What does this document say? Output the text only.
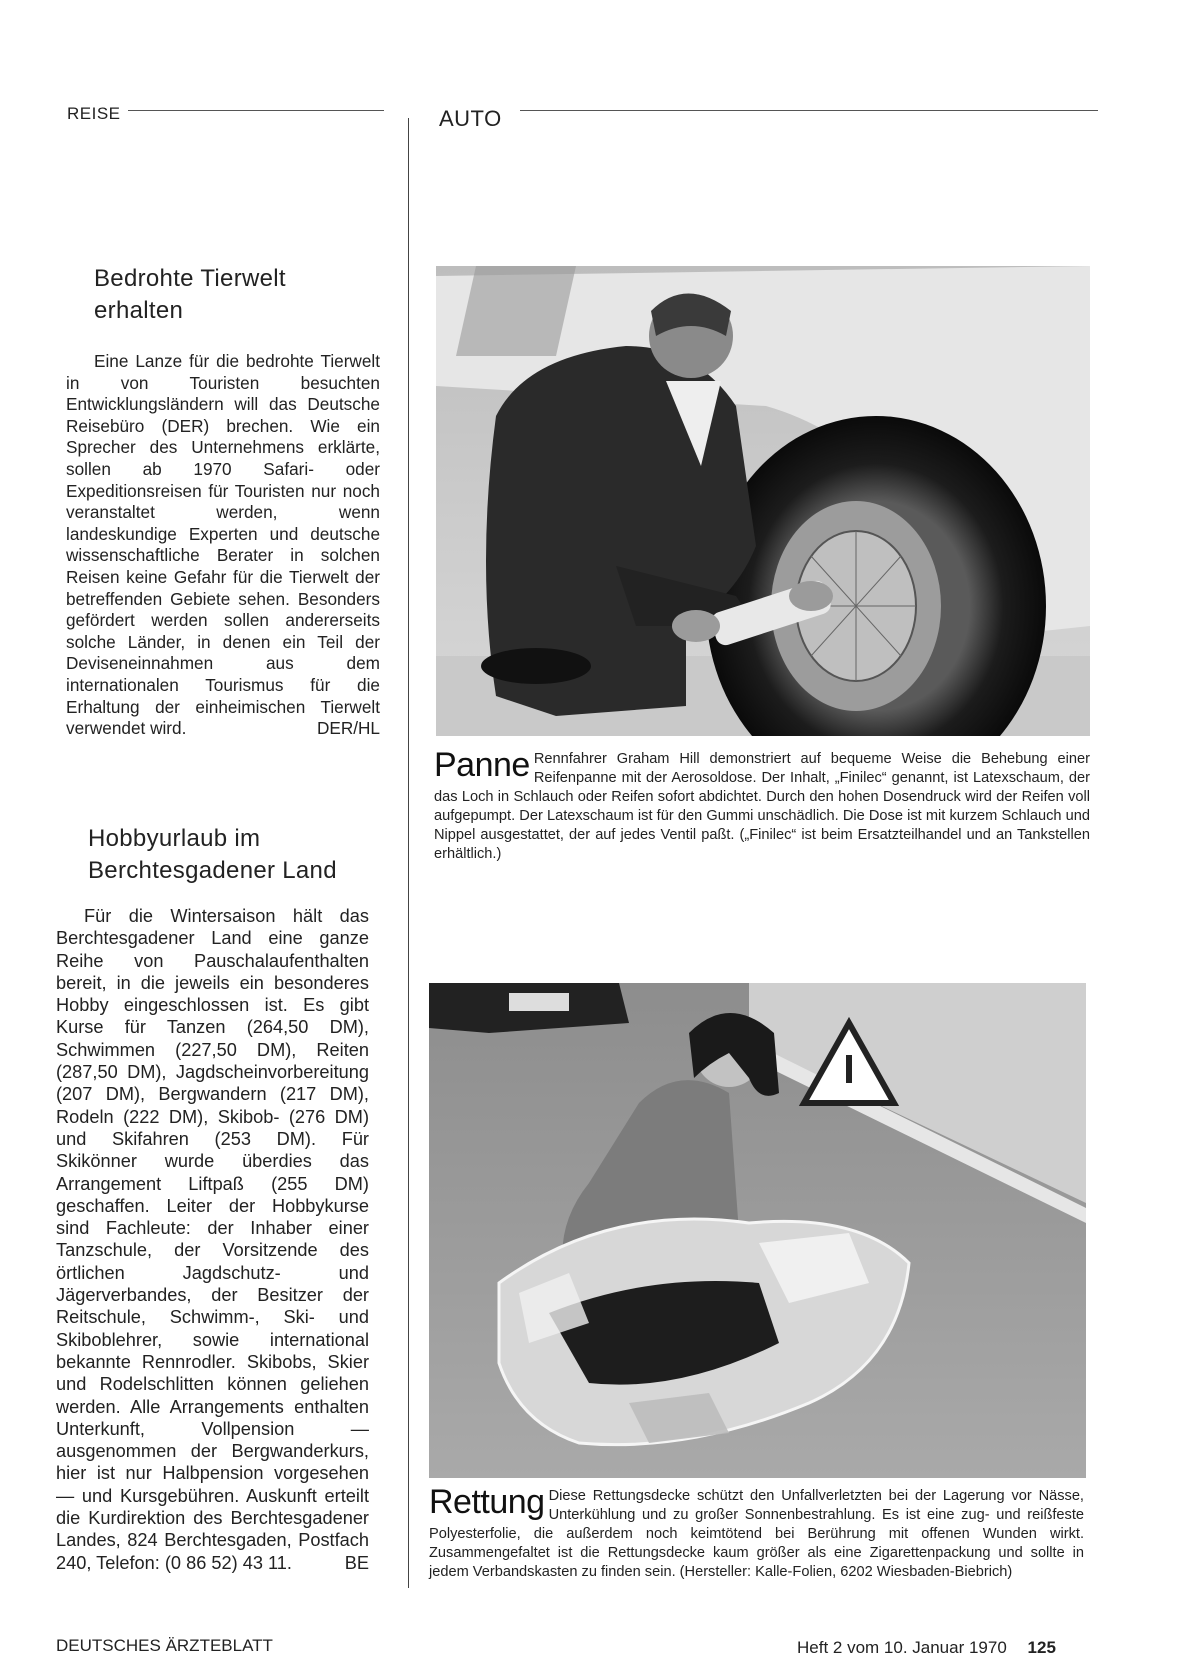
REISE	AUTO
Bedrohte Tierwelt
erhalten

Eine Lanze für die bedrohte Tierwelt in von Touristen besuchten Entwicklungsländern will das Deutsche Reisebüro (DER) brechen. Wie ein Sprecher des Unternehmens erklärte, sollen ab 1970 Safari- oder Expeditionsreisen für Touristen nur noch veranstaltet werden, wenn landeskundige Experten und deutsche wissenschaftliche Berater in solchen Reisen keine Gefahr für die Tierwelt der betreffenden Gebiete sehen. Besonders gefördert werden sollen andererseits solche Länder, in denen ein Teil der Deviseneinnahmen aus dem internationalen Tourismus für die Erhaltung der einheimischen Tierwelt verwendet wird.	DER/HL

Hobbyurlaub im
Berchtesgadener Land

Für die Wintersaison hält das Berchtesgadener Land eine ganze Reihe von Pauschalaufenthalten bereit, in die jeweils ein besonderes Hobby eingeschlossen ist. Es gibt Kurse für Tanzen (264,50 DM), Schwimmen (227,50 DM), Reiten (287,50 DM), Jagdscheinvorbereitung (207 DM), Bergwandern (217 DM), Rodeln (222 DM), Skibob- (276 DM) und Skifahren (253 DM). Für Skikönner wurde überdies das Arrangement Liftpaß (255 DM) geschaffen. Leiter der Hobbykurse sind Fachleute: der Inhaber einer Tanzschule, der Vorsitzende des örtlichen Jagdschutz- und Jägerverbandes, der Besitzer der Reitschule, Schwimm-, Ski- und Skiboblehrer, sowie international bekannte Rennrodler. Skibobs, Skier und Rodelschlitten können geliehen werden. Alle Arrangements enthalten Unterkunft, Vollpension — ausgenommen der Bergwanderkurs, hier ist nur Halbpension vorgesehen — und Kursgebühren. Auskunft erteilt die Kurdirektion des Berchtesgadener Landes, 824 Berchtesgaden, Postfach 240, Telefon: (0 86 52) 43 11.	BE

Panne Rennfahrer Graham Hill demonstriert auf bequeme Weise die Behebung einer Reifenpanne mit der Aerosoldose. Der Inhalt, „Finilec“ genannt, ist Latexschaum, der das Loch in Schlauch oder Reifen sofort abdichtet. Durch den hohen Dosendruck wird der Reifen voll aufgepumpt. Der Latexschaum ist für den Gummi unschädlich. Die Dose ist mit kurzem Schlauch und Nippel ausgestattet, der auf jedes Ventil paßt. („Finilec“ ist beim Ersatzteilhandel und an Tankstellen erhältlich.)
Rettung Diese Rettungsdecke schützt den Unfallverletzten bei der Lagerung vor Nässe, Unterkühlung und zu großer Sonnenbestrahlung. Es ist eine zug- und reißfeste Polyesterfolie, die außerdem noch keimtötend bei Berührung mit offenen Wunden wirkt. Zusammengefaltet ist die Rettungsdecke kaum größer als eine Zigarettenpackung und sollte in jedem Verbandskasten zu finden sein. (Hersteller: Kalle-Folien, 6202 Wiesbaden-Biebrich)
DEUTSCHES ÄRZTEBLATT	Heft 2 vom 10. Januar 1970 125
